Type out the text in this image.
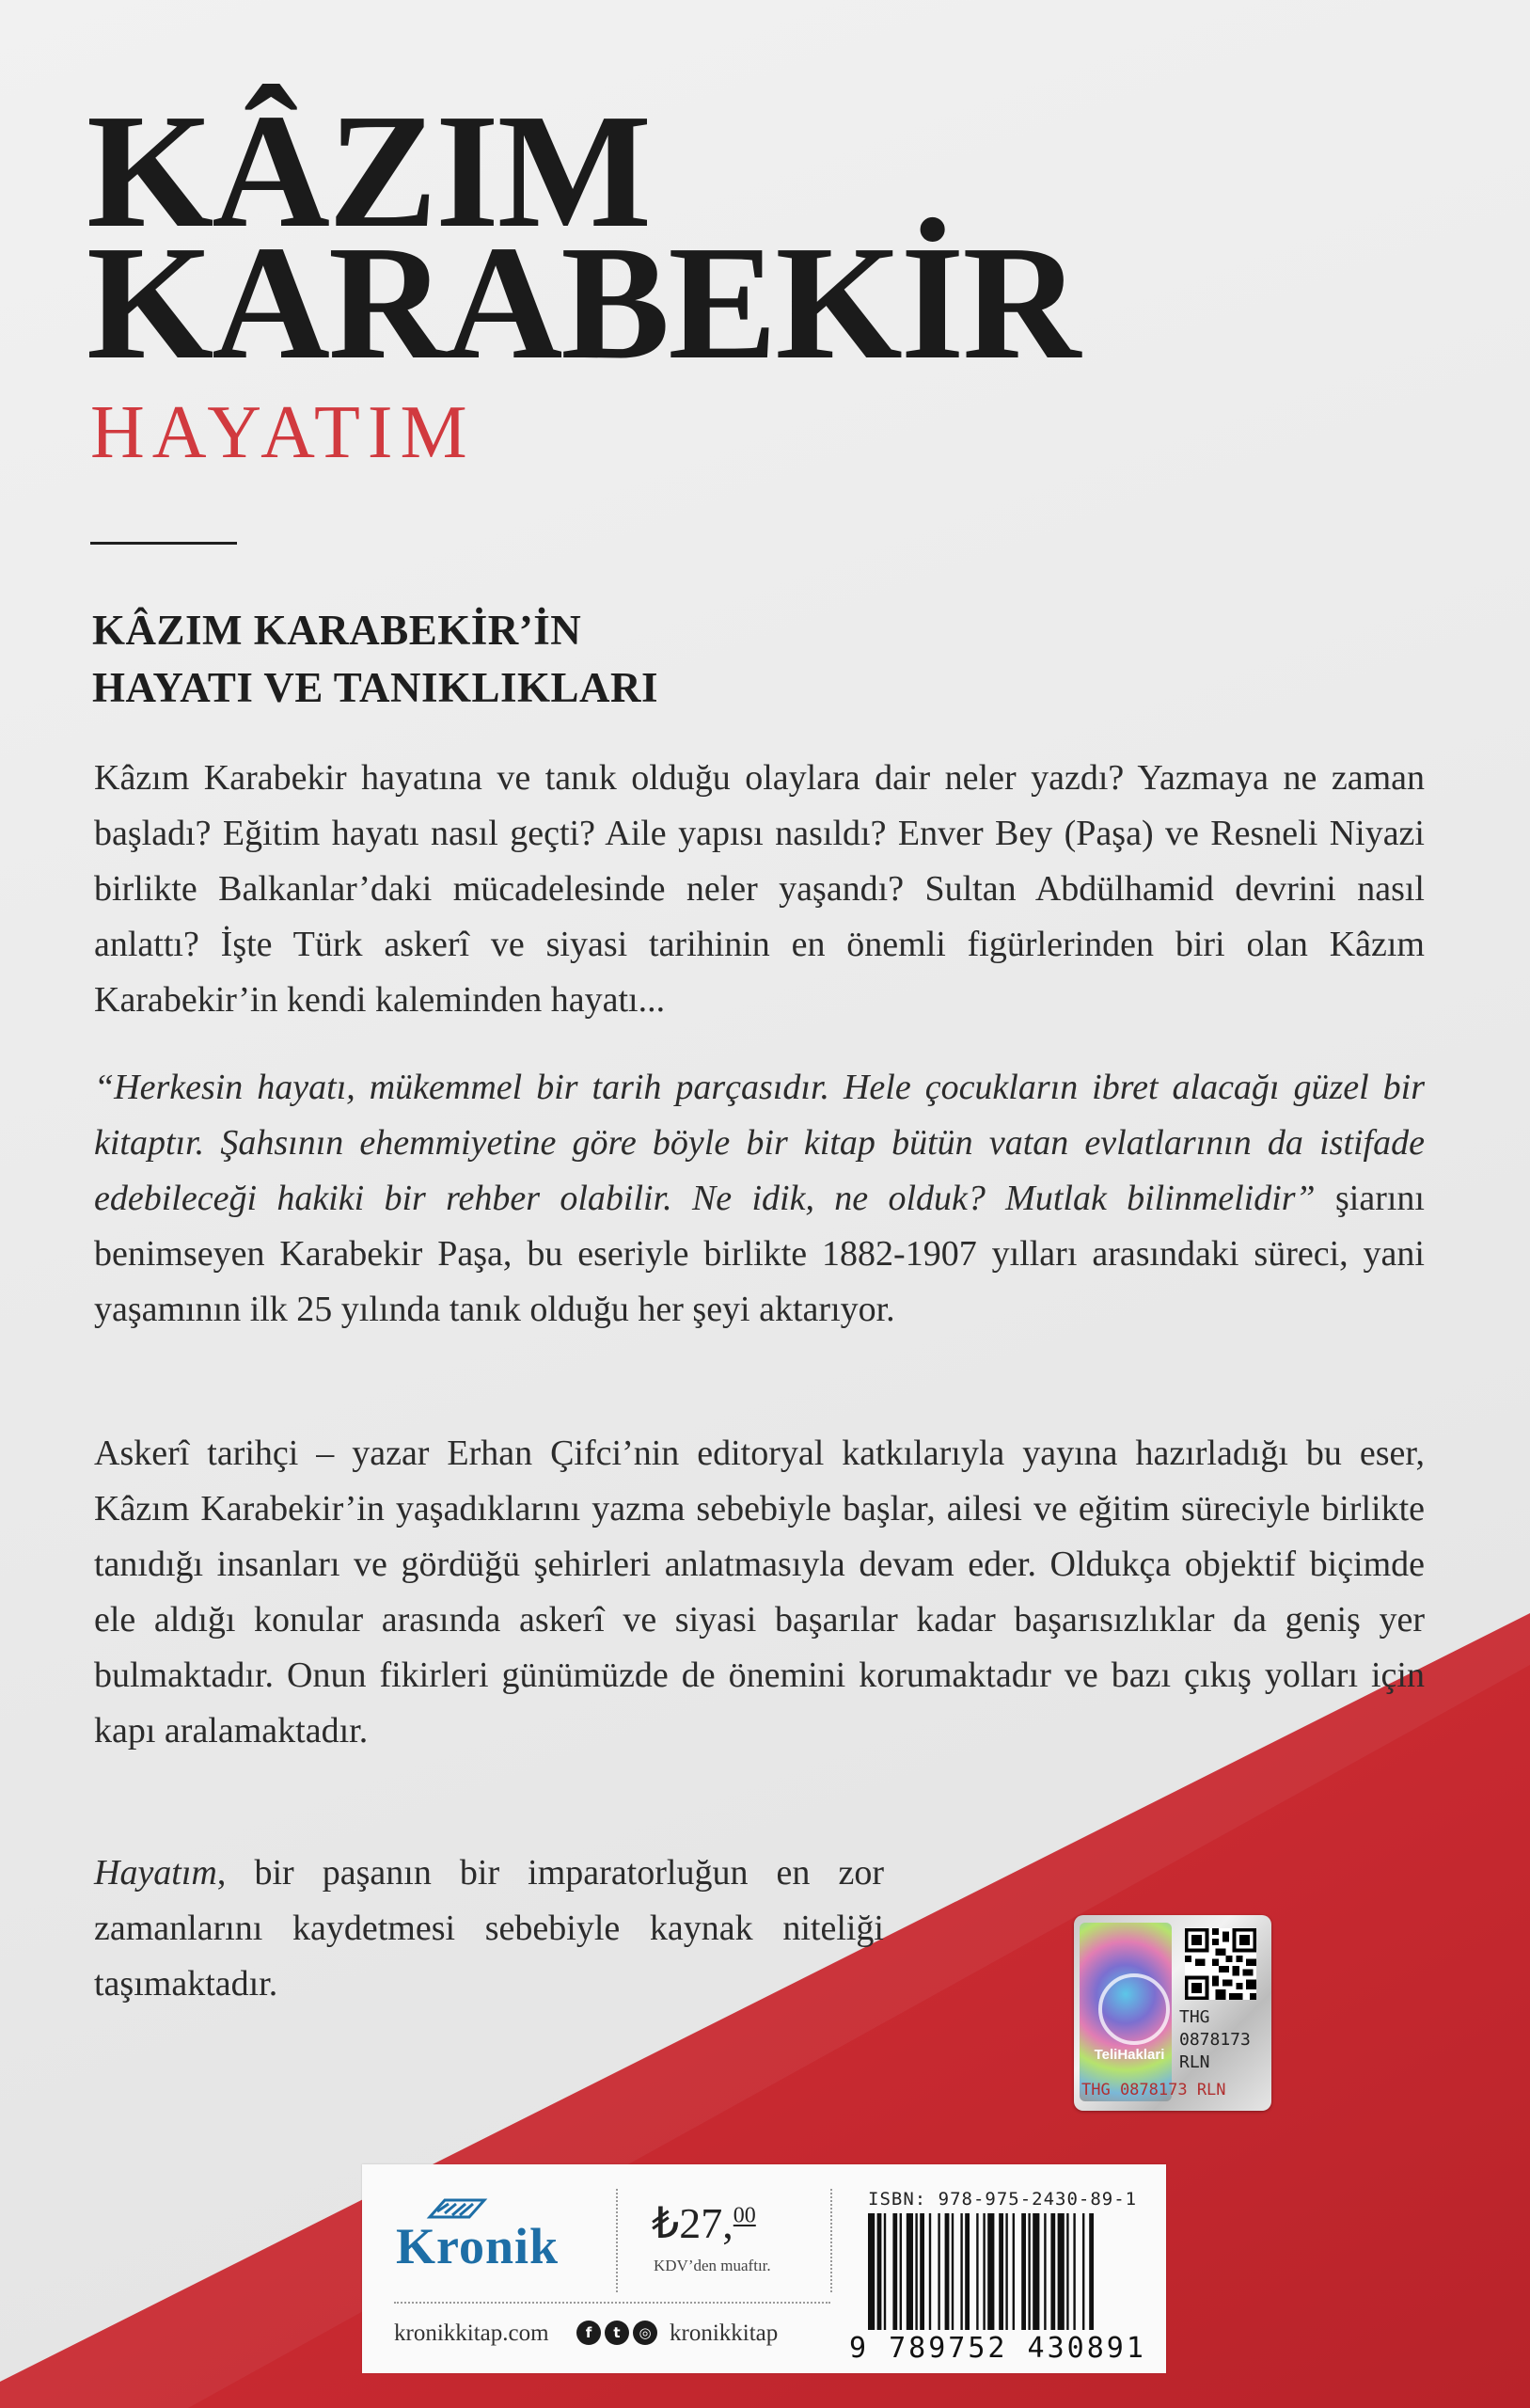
KÂZIM
KARABEKİR
HAYATIM
KÂZIM KARABEKİR’İN
HAYATI VE TANIKLIKLARI

Kâzım Karabekir hayatına ve tanık olduğu olaylara dair neler yazdı? Yazmaya ne zaman başladı? Eğitim hayatı nasıl geçti? Aile yapısı nasıldı? Enver Bey (Paşa) ve Resneli Niyazi birlikte Balkanlar’daki mücadelesinde neler yaşandı? Sultan Abdülhamid devrini nasıl anlattı? İşte Türk askerî ve siyasi tarihinin en önemli figürlerinden biri olan Kâzım Karabekir’in kendi kaleminden hayatı...

“Herkesin hayatı, mükemmel bir tarih parçasıdır. Hele çocukların ibret alacağı güzel bir kitaptır. Şahsının ehemmiyetine göre böyle bir kitap bütün vatan evlatlarının da istifade edebileceği hakiki bir rehber olabilir. Ne idik, ne olduk? Mutlak bilinmelidir” şiarını benimseyen Karabekir Paşa, bu eseriyle birlikte 1882-1907 yılları arasındaki süreci, yani yaşamının ilk 25 yılında tanık olduğu her şeyi aktarıyor.

Askerî tarihçi – yazar Erhan Çifci’nin editoryal katkılarıyla yayına hazırladığı bu eser, Kâzım Karabekir’in yaşadıklarını yazma sebebiyle başlar, ailesi ve eğitim süreciyle birlikte tanıdığı insanları ve gördüğü şehirleri anlatmasıyla devam eder. Oldukça objektif biçimde ele aldığı konular arasında askerî ve siyasi başarılar kadar başarısızlıklar da geniş yer bulmaktadır. Onun fikirleri günümüzde de önemini korumaktadır ve bazı çıkış yolları için kapı aralamaktadır.

Hayatım, bir paşanın bir imparatorluğun en zor zamanlarını kaydetmesi sebebiyle kaynak niteliği taşımaktadır.

TeliHaklari
THG
0878173
RLN
THG 0878173 RLN

Kronik ₺27,00

KDV’den muaftır.

kronikkitap.com	f	t	◎ kronikkitap

ISBN: 978-975-2430-89-1

9 789752 430891
